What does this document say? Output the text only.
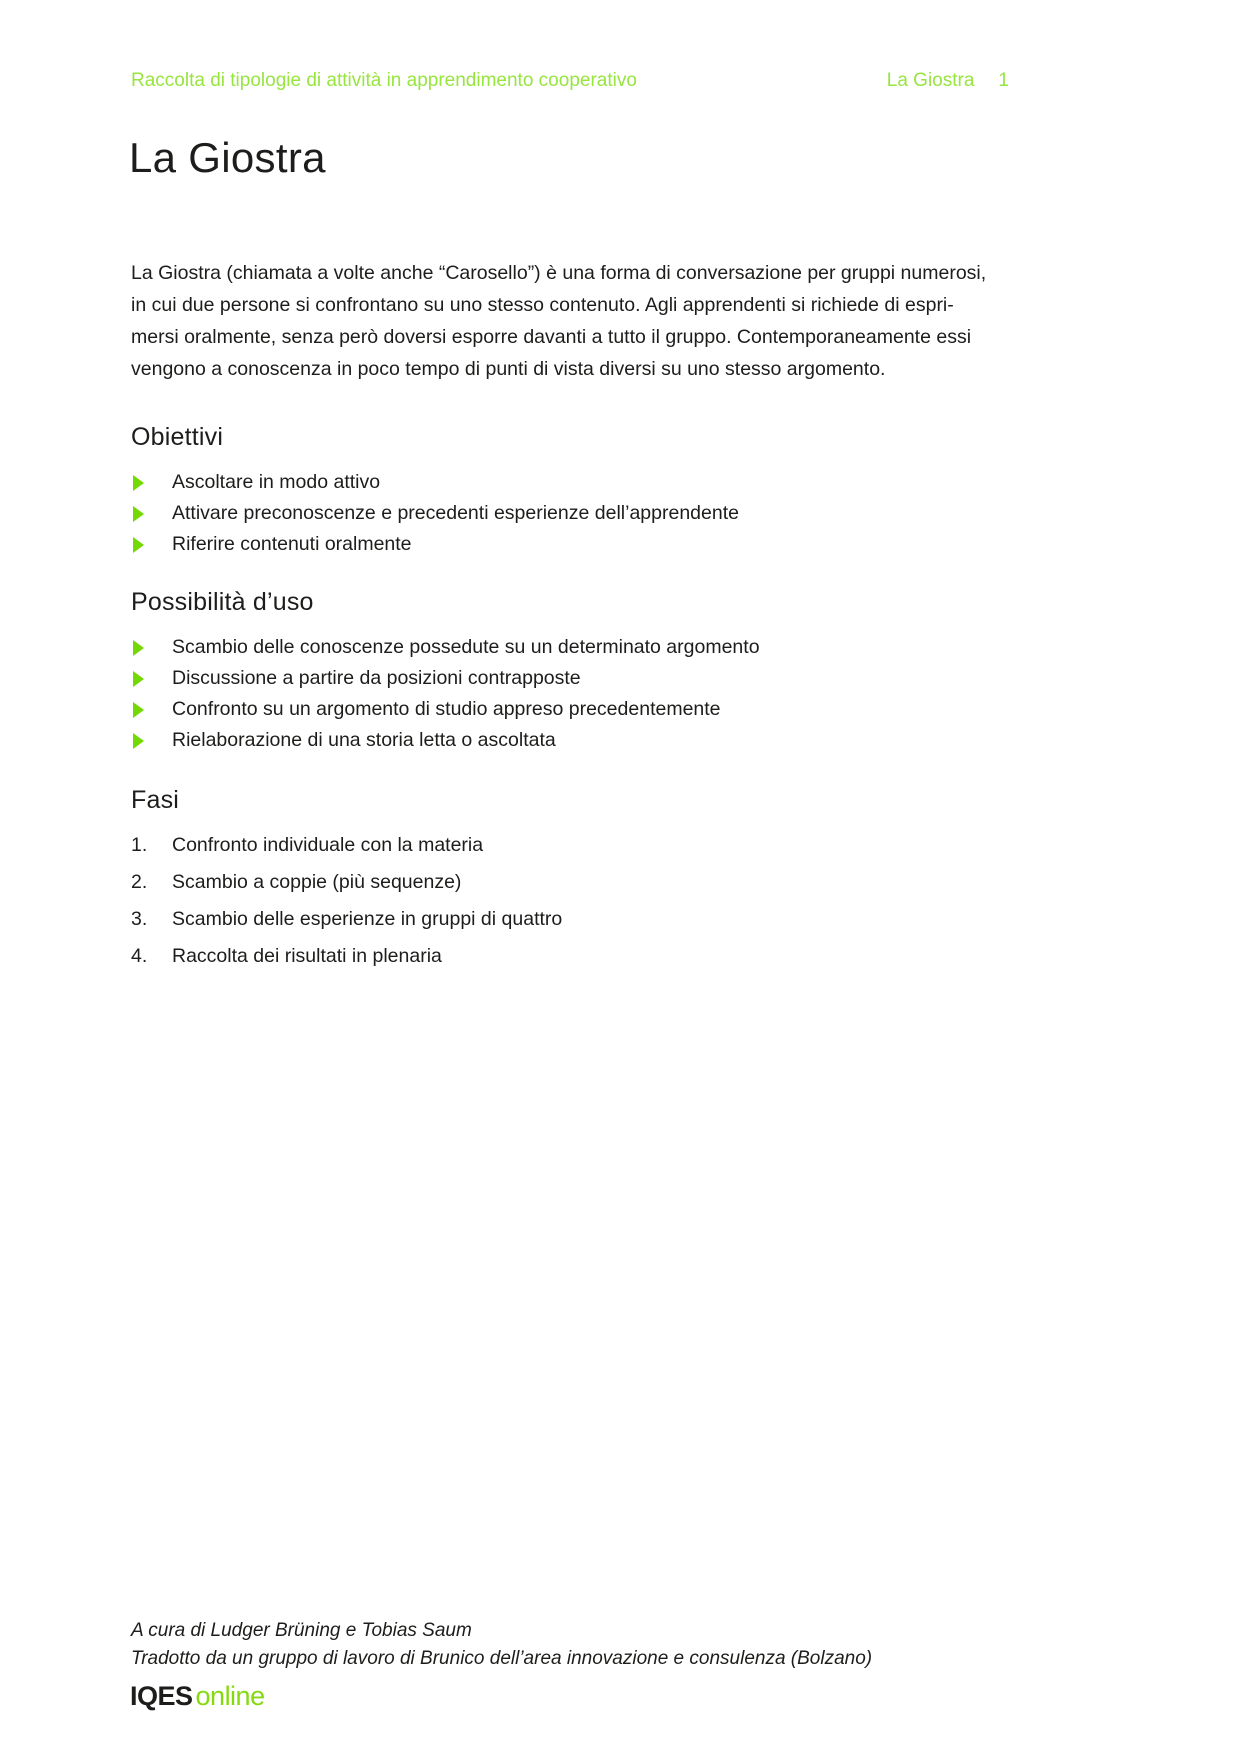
Raccolta di tipologie di attività in apprendimento cooperativo	La Giostra 1
La Giostra
La Giostra (chiamata a volte anche “Carosello”) è una forma di conversazione per gruppi numerosi,
in cui due persone si confrontano su uno stesso contenuto. Agli apprendenti si richiede di espri-
mersi oralmente, senza però doversi esporre davanti a tutto il gruppo. Contemporaneamente essi
vengono a conoscenza in poco tempo di punti di vista diversi su uno stesso argomento.
Obiettivi
Ascoltare in modo attivo
Attivare preconoscenze e precedenti esperienze dell’apprendente
Riferire contenuti oralmente
Possibilità d’uso
Scambio delle conoscenze possedute su un determinato argomento
Discussione a partire da posizioni contrapposte
Confronto su un argomento di studio appreso precedentemente
Rielaborazione di una storia letta o ascoltata
Fasi
1.	Confronto individuale con la materia
2.	Scambio a coppie (più sequenze)
3.	Scambio delle esperienze in gruppi di quattro
4.	Raccolta dei risultati in plenaria
A cura di Ludger Brüning e Tobias Saum
Tradotto da un gruppo di lavoro di Brunico dell’area innovazione e consulenza (Bolzano)
IQES online
